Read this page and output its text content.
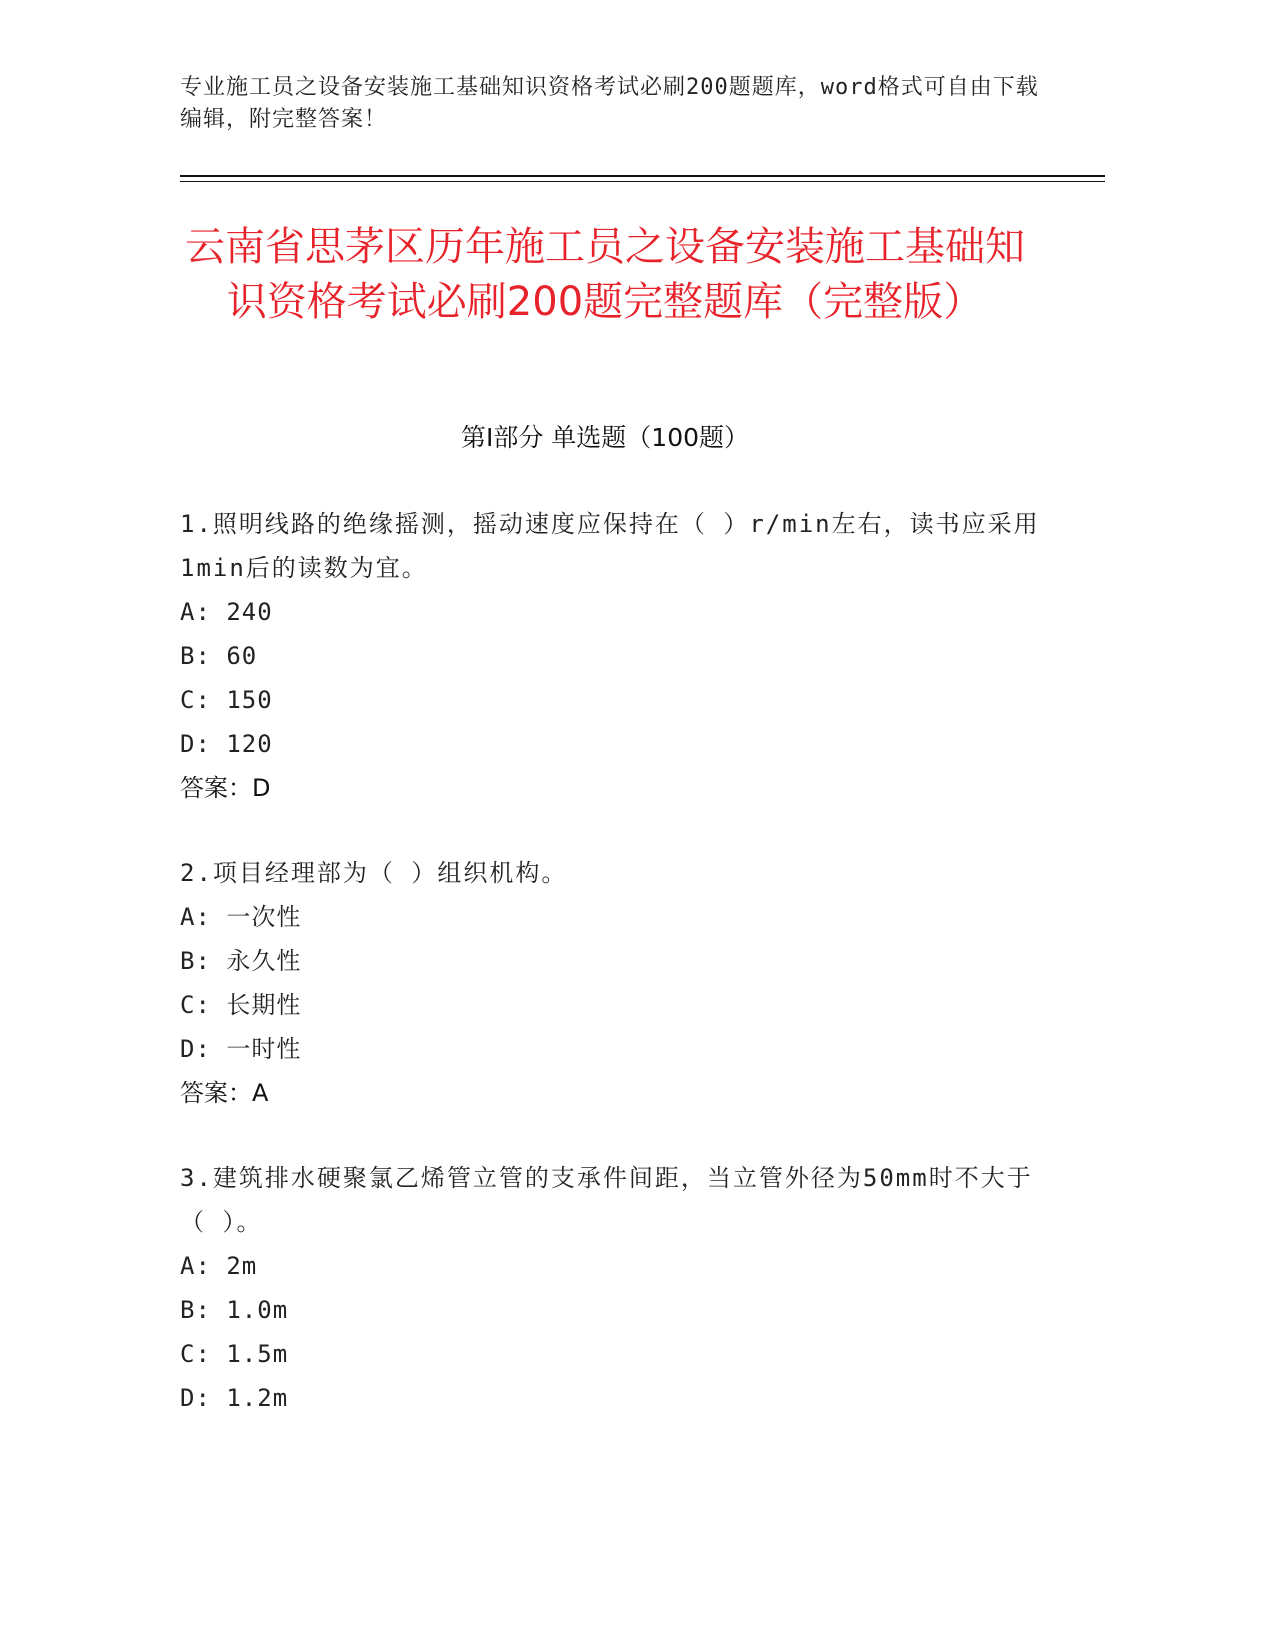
专业施工员之设备安装施工基础知识资格考试必刷200题题库，word格式可自由下载编辑，附完整答案！
云南省思茅区历年施工员之设备安装施工基础知识资格考试必刷200题完整题库（完整版）
第Ⅰ部分 单选题（100题）

1.照明线路的绝缘摇测，摇动速度应保持在（ ）r/min左右，读书应采用1min后的读数为宜。

A: 240

B: 60

C: 150

D: 120

答案：D

2.项目经理部为（ ）组织机构。

A: 一次性

B: 永久性

C: 长期性

D: 一时性

答案：A

3.建筑排水硬聚氯乙烯管立管的支承件间距，当立管外径为50mm时不大于（ ）。

A: 2m

B: 1.0m

C: 1.5m

D: 1.2m
